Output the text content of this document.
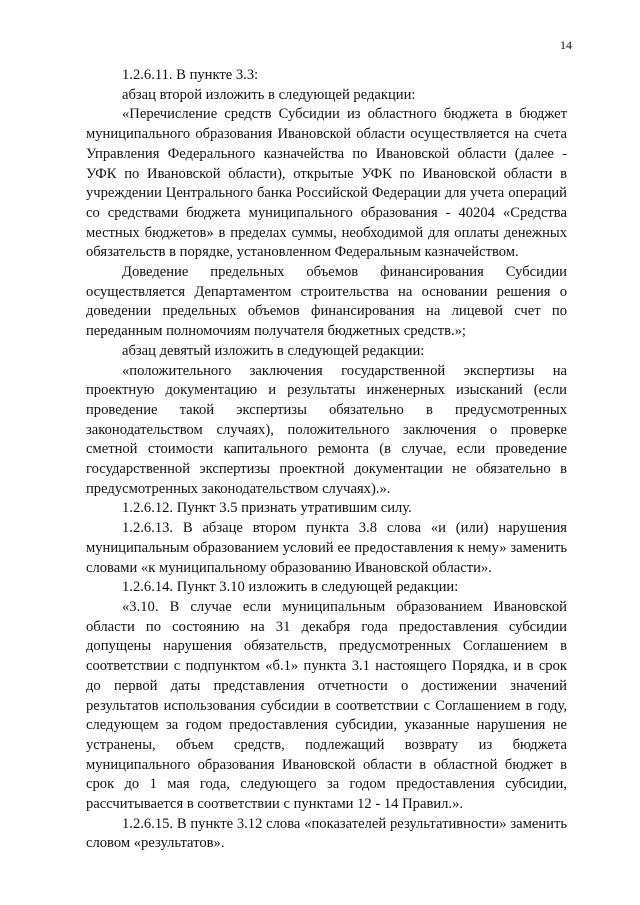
14

1.2.6.11. В пункте 3.3:

абзац второй изложить в следующей редакции:

«Перечисление средств Субсидии из областного бюджета в бюджет муниципального образования Ивановской области осуществляется на счета Управления Федерального казначейства по Ивановской области (далее - УФК по Ивановской области), открытые УФК по Ивановской области в учреждении Центрального банка Российской Федерации для учета операций со средствами бюджета муниципального образования - 40204 «Средства местных бюджетов» в пределах суммы, необходимой для оплаты денежных обязательств в порядке, установленном Федеральным казначейством.

Доведение предельных объемов финансирования Субсидии осуществляется Департаментом строительства на основании решения о доведении предельных объемов финансирования на лицевой счет по переданным полномочиям получателя бюджетных средств.»;

абзац девятый изложить в следующей редакции:

«положительного заключения государственной экспертизы на проектную документацию и результаты инженерных изысканий (если проведение такой экспертизы обязательно в предусмотренных законодательством случаях), положительного заключения о проверке сметной стоимости капитального ремонта (в случае, если проведение государственной экспертизы проектной документации не обязательно в предусмотренных законодательством случаях).».

1.2.6.12. Пункт 3.5 признать утратившим силу.

1.2.6.13. В абзаце втором пункта 3.8 слова «и (или) нарушения муниципальным образованием условий ее предоставления к нему» заменить словами «к муниципальному образованию Ивановской области».

1.2.6.14. Пункт 3.10 изложить в следующей редакции:

«3.10. В случае если муниципальным образованием Ивановской области по состоянию на 31 декабря года предоставления субсидии допущены нарушения обязательств, предусмотренных Соглашением в соответствии с подпунктом «б.1» пункта 3.1 настоящего Порядка, и в срок до первой даты представления отчетности о достижении значений результатов использования субсидии в соответствии с Соглашением в году, следующем за годом предоставления субсидии, указанные нарушения не устранены, объем средств, подлежащий возврату из бюджета муниципального образования Ивановской области в областной бюджет в срок до 1 мая года, следующего за годом предоставления субсидии, рассчитывается в соответствии с пунктами 12 - 14 Правил.».

1.2.6.15. В пункте 3.12 слова «показателей результативности» заменить словом «результатов».
